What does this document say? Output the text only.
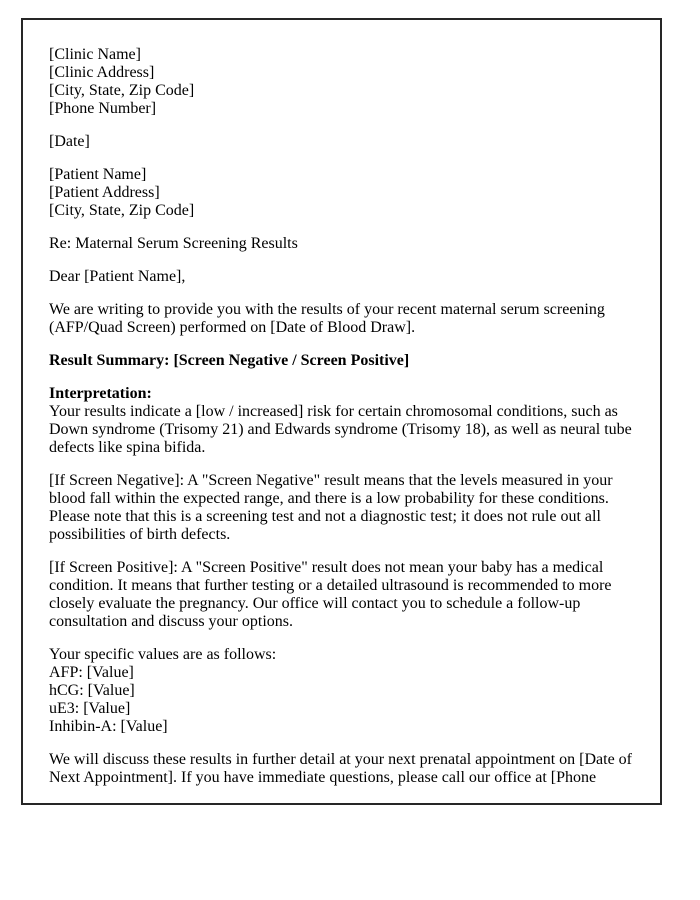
[Clinic Name]
[Clinic Address]
[City, State, Zip Code]
[Phone Number]
[Date]
[Patient Name]
[Patient Address]
[City, State, Zip Code]
Re: Maternal Serum Screening Results
Dear [Patient Name],
We are writing to provide you with the results of your recent maternal serum screening (AFP/Quad Screen) performed on [Date of Blood Draw].
Result Summary: [Screen Negative / Screen Positive]
Interpretation:
Your results indicate a [low / increased] risk for certain chromosomal conditions, such as Down syndrome (Trisomy 21) and Edwards syndrome (Trisomy 18), as well as neural tube defects like spina bifida.
[If Screen Negative]: A "Screen Negative" result means that the levels measured in your blood fall within the expected range, and there is a low probability for these conditions. Please note that this is a screening test and not a diagnostic test; it does not rule out all possibilities of birth defects.
[If Screen Positive]: A "Screen Positive" result does not mean your baby has a medical condition. It means that further testing or a detailed ultrasound is recommended to more closely evaluate the pregnancy. Our office will contact you to schedule a follow-up consultation and discuss your options.
Your specific values are as follows:
AFP: [Value]
hCG: [Value]
uE3: [Value]
Inhibin-A: [Value]
We will discuss these results in further detail at your next prenatal appointment on [Date of Next Appointment]. If you have immediate questions, please call our office at [Phone
